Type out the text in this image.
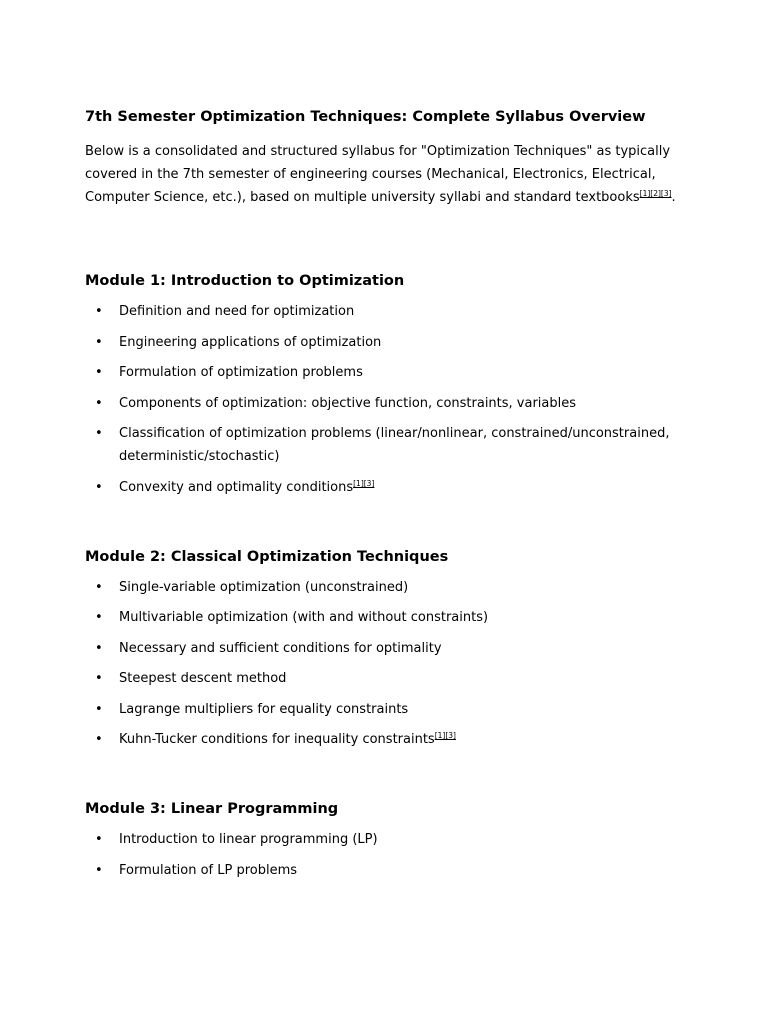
7th Semester Optimization Techniques: Complete Syllabus Overview

Below is a consolidated and structured syllabus for "Optimization Techniques" as typically covered in the 7th semester of engineering courses (Mechanical, Electronics, Electrical, Computer Science, etc.), based on multiple university syllabi and standard textbooks[1][2][3].

Module 1: Introduction to Optimization
• Definition and need for optimization
• Engineering applications of optimization
• Formulation of optimization problems
• Components of optimization: objective function, constraints, variables
• Classification of optimization problems (linear/nonlinear, constrained/unconstrained, deterministic/stochastic)
• Convexity and optimality conditions[1][3]
Module 2: Classical Optimization Techniques
• Single-variable optimization (unconstrained)
• Multivariable optimization (with and without constraints)
• Necessary and sufficient conditions for optimality
• Steepest descent method
• Lagrange multipliers for equality constraints
• Kuhn-Tucker conditions for inequality constraints[1][3]
Module 3: Linear Programming
• Introduction to linear programming (LP)
• Formulation of LP problems
